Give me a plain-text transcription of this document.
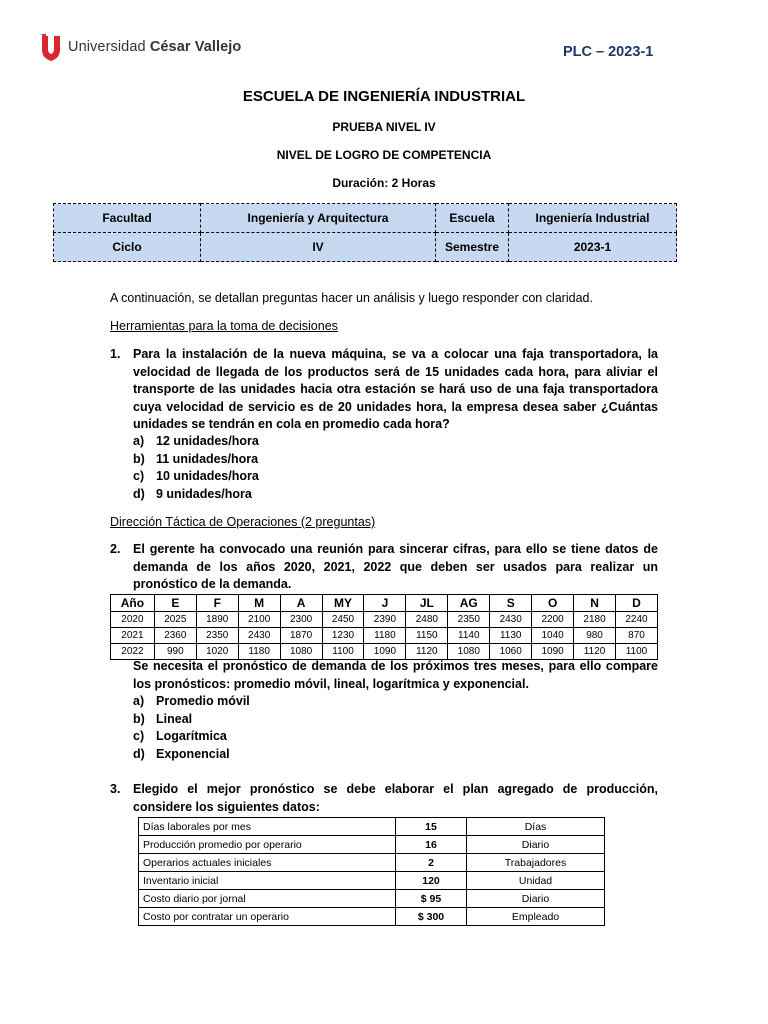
Universidad César Vallejo	PLC – 2023-1
ESCUELA DE INGENIERÍA INDUSTRIAL
PRUEBA NIVEL IV
NIVEL DE LOGRO DE COMPETENCIA
Duración: 2 Horas
Facultad	Ingeniería y Arquitectura	Escuela	Ingeniería Industrial
Ciclo	IV	Semestre	2023-1
A continuación, se detallan preguntas hacer un análisis y luego responder con claridad.
Herramientas para la toma de decisiones
1. Para la instalación de la nueva máquina, se va a colocar una faja transportadora, la velocidad de llegada de los productos será de 15 unidades cada hora, para aliviar el transporte de las unidades hacia otra estación se hará uso de una faja transportadora cuya velocidad de servicio es de 20 unidades hora, la empresa desea saber ¿Cuántas unidades se tendrán en cola en promedio cada hora?
a) 12 unidades/hora
b) 11 unidades/hora
c) 10 unidades/hora
d) 9 unidades/hora
Dirección Táctica de Operaciones (2 preguntas)
2. El gerente ha convocado una reunión para sincerar cifras, para ello se tiene datos de demanda de los años 2020, 2021, 2022 que deben ser usados para realizar un pronóstico de la demanda.
Año	E	F	M	A	MY	J	JL	AG	S	O	N	D
2020	2025	1890	2100	2300	2450	2390	2480	2350	2430	2200	2180	2240
2021	2360	2350	2430	1870	1230	1180	1150	1140	1130	1040	980	870
2022	990	1020	1180	1080	1100	1090	1120	1080	1060	1090	1120	1100
Se necesita el pronóstico de demanda de los próximos tres meses, para ello compare los pronósticos: promedio móvil, lineal, logarítmica y exponencial.
a) Promedio móvil
b) Lineal
c) Logarítmica
d) Exponencial
3. Elegido el mejor pronóstico se debe elaborar el plan agregado de producción, considere los siguientes datos:
Días laborales por mes	15	Días
Producción promedio por operario	16	Diario
Operarios actuales iniciales	2	Trabajadores
Inventario inicial	120	Unidad
Costo diario por jornal	$ 95	Diario
Costo por contratar un operario	$ 300	Empleado
